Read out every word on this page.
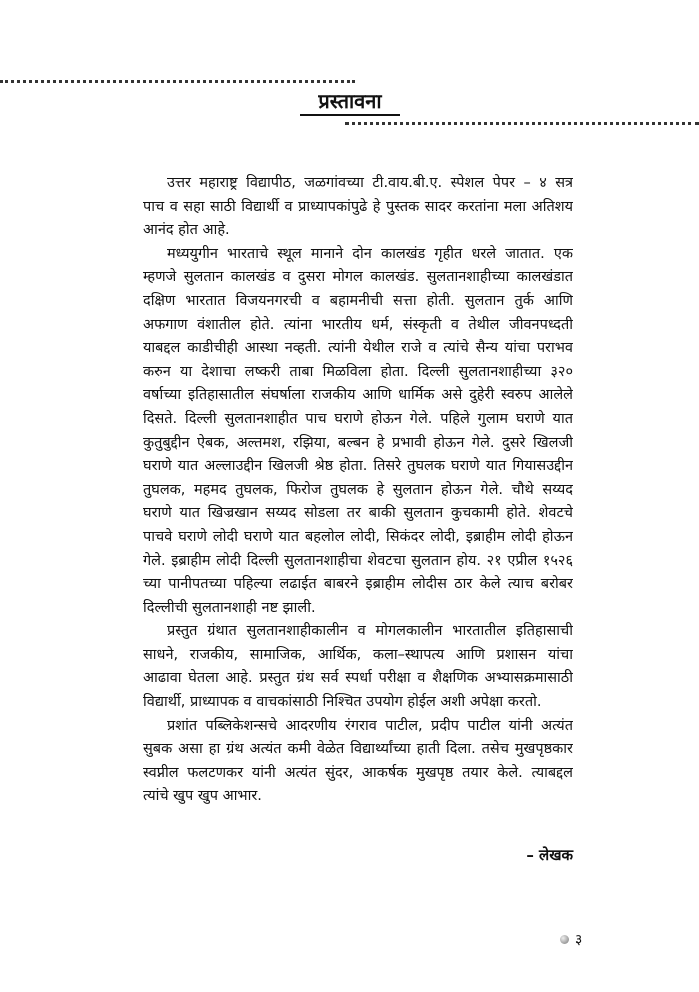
प्रस्तावना
उत्तर महाराष्ट्र विद्यापीठ, जळगांवच्या टी.वाय.बी.ए. स्पेशल पेपर – ४ सत्र
पाच व सहा साठी विद्यार्थी व प्राध्यापकांपुढे हे पुस्तक सादर करतांना मला अतिशय
आनंद होत आहे.
मध्ययुगीन भारताचे स्थूल मानाने दोन कालखंड गृहीत धरले जातात. एक
म्हणजे सुलतान कालखंड व दुसरा मोगल कालखंड. सुलतानशाहीच्या कालखंडात
दक्षिण भारतात विजयनगरची व बहामनीची सत्ता होती. सुलतान तुर्क आणि
अफगाण वंशातील होते. त्यांना भारतीय धर्म, संस्कृती व तेथील जीवनपध्दती
याबद्दल काडीचीही आस्था नव्हती. त्यांनी येथील राजे व त्यांचे सैन्य यांचा पराभव
करुन या देशाचा लष्करी ताबा मिळविला होता. दिल्ली सुलतानशाहीच्या ३२०
वर्षाच्या इतिहासातील संघर्षाला राजकीय आणि धार्मिक असे दुहेरी स्वरुप आलेले
दिसते. दिल्ली सुलतानशाहीत पाच घराणे होऊन गेले. पहिले गुलाम घराणे यात
कुतुबुद्दीन ऐबक, अल्तमश, रझिया, बल्बन हे प्रभावी होऊन गेले. दुसरे खिलजी
घराणे यात अल्लाउद्दीन खिलजी श्रेष्ठ होता. तिसरे तुघलक घराणे यात गियासउद्दीन
तुघलक, महमद तुघलक, फिरोज तुघलक हे सुलतान होऊन गेले. चौथे सय्यद
घराणे यात खिज्रखान सय्यद सोडला तर बाकी सुलतान कुचकामी होते. शेवटचे
पाचवे घराणे लोदी घराणे यात बहलोल लोदी, सिकंदर लोदी, इब्राहीम लोदी होऊन
गेले. इब्राहीम लोदी दिल्ली सुलतानशाहीचा शेवटचा सुलतान होय. २१ एप्रील १५२६
च्या पानीपतच्या पहिल्या लढाईत बाबरने इब्राहीम लोदीस ठार केले त्याच बरोबर
दिल्लीची सुलतानशाही नष्ट झाली.
प्रस्तुत ग्रंथात सुलतानशाहीकालीन व मोगलकालीन भारतातील इतिहासाची
साधने, राजकीय, सामाजिक, आर्थिक, कला–स्थापत्य आणि प्रशासन यांचा
आढावा घेतला आहे. प्रस्तुत ग्रंथ सर्व स्पर्धा परीक्षा व शैक्षणिक अभ्यासक्रमासाठी
विद्यार्थी, प्राध्यापक व वाचकांसाठी निश्चित उपयोग होईल अशी अपेक्षा करतो.
प्रशांत पब्लिकेशन्सचे आदरणीय रंगराव पाटील, प्रदीप पाटील यांनी अत्यंत
सुबक असा हा ग्रंथ अत्यंत कमी वेळेत विद्यार्थ्यांच्या हाती दिला. तसेच मुखपृष्ठकार
स्वप्नील फलटणकर यांनी अत्यंत सुंदर, आकर्षक मुखपृष्ठ तयार केले. त्याबद्दल
त्यांचे खुप खुप आभार.
– लेखक
३
